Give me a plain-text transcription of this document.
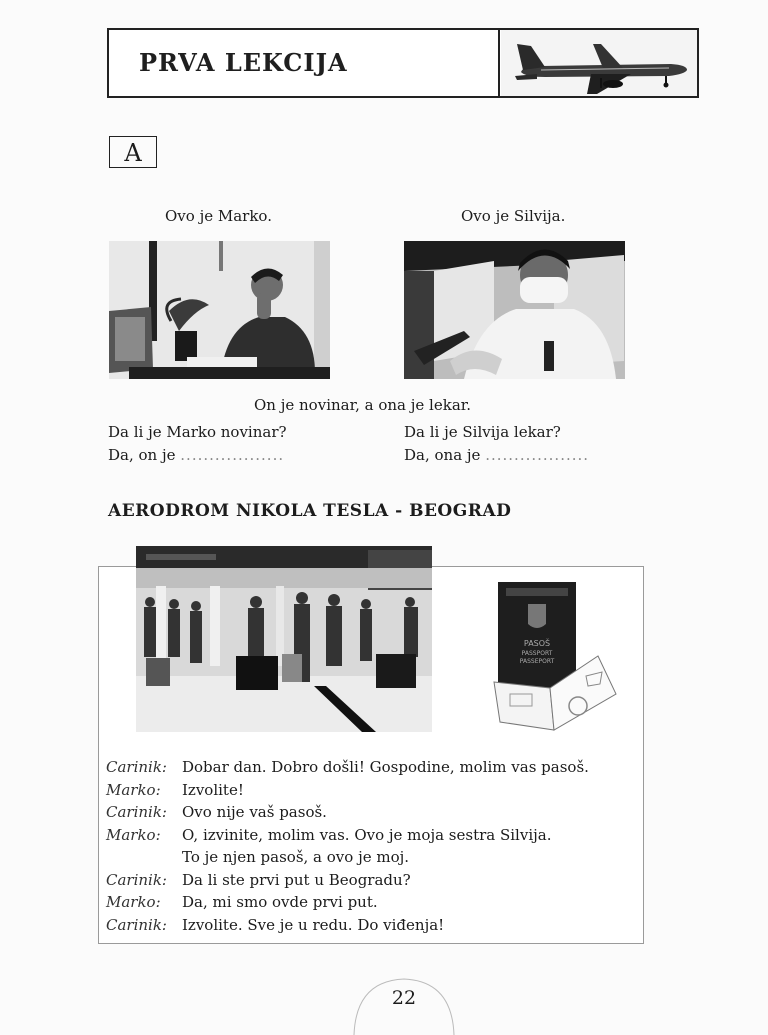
PRVA LEKCIJA
A
Ovo je Marko.	Ovo je Silvija.
On je novinar, a ona je lekar.
Da li je Marko novinar?	Da li je Silvija lekar?
Da, on je ..................	Da, ona je ..................
AERODROM NIKOLA TESLA - BEOGRAD
PASOŠ
PASSPORT
PASSEPORT
Carinik:	Dobar dan. Dobro došli! Gospodine, molim vas pasoš.
Marko:	Izvolite!
Carinik:	Ovo nije vaš pasoš.
Marko:	O, izvinite, molim vas. Ovo je moja sestra Silvija.
To je njen pasoš, a ovo je moj.
Carinik:	Da li ste prvi put u Beogradu?
Marko:	Da, mi smo ovde prvi put.
Carinik:	Izvolite. Sve je u redu. Do viđenja!
22
